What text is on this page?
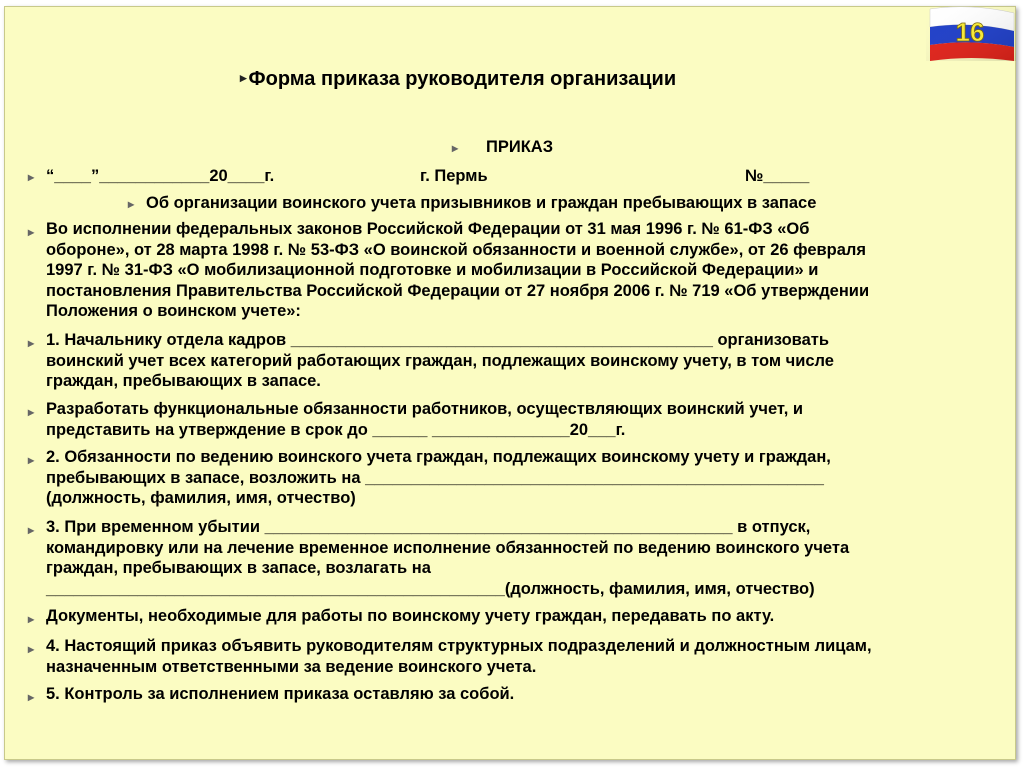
16
▸ Форма приказа руководителя организации
▸ ПРИКАЗ
▸ “____”____________20____г.	г. Пермь	№_____
▸ Об организации воинского учета призывников и граждан пребывающих в запасе
▸ Во исполнении федеральных законов Российской Федерации от 31 мая 1996 г. № 61-ФЗ «Об
обороне», от 28 марта 1998 г. № 53-ФЗ «О воинской обязанности и военной службе», от 26 февраля
1997 г. № 31-ФЗ «О мобилизационной подготовке и мобилизации в Российской Федерации» и
постановления Правительства Российской Федерации от 27 ноября 2006 г. № 719 «Об утверждении
Положения о воинском учете»:
▸ 1. Начальнику отдела кадров ______________________________________________ организовать
воинский учет всех категорий работающих граждан, подлежащих воинскому учету, в том числе
граждан, пребывающих в запасе.
▸ Разработать функциональные обязанности работников, осуществляющих воинский учет, и
представить на утверждение в срок до ______ _______________20___г.
▸ 2. Обязанности по ведению воинского учета граждан, подлежащих воинскому учету и граждан,
пребывающих в запасе, возложить на __________________________________________________
(должность, фамилия, имя, отчество)
▸ 3. При временном убытии ___________________________________________________ в отпуск,
командировку или на лечение временное исполнение обязанностей по ведению воинского учета
граждан, пребывающих в запасе, возлагать на
__________________________________________________(должность, фамилия, имя, отчество)
▸ Документы, необходимые для работы по воинскому учету граждан, передавать по акту.
▸ 4. Настоящий приказ объявить руководителям структурных подразделений и должностным лицам,
назначенным ответственными за ведение воинского учета.
▸ 5. Контроль за исполнением приказа оставляю за собой.
